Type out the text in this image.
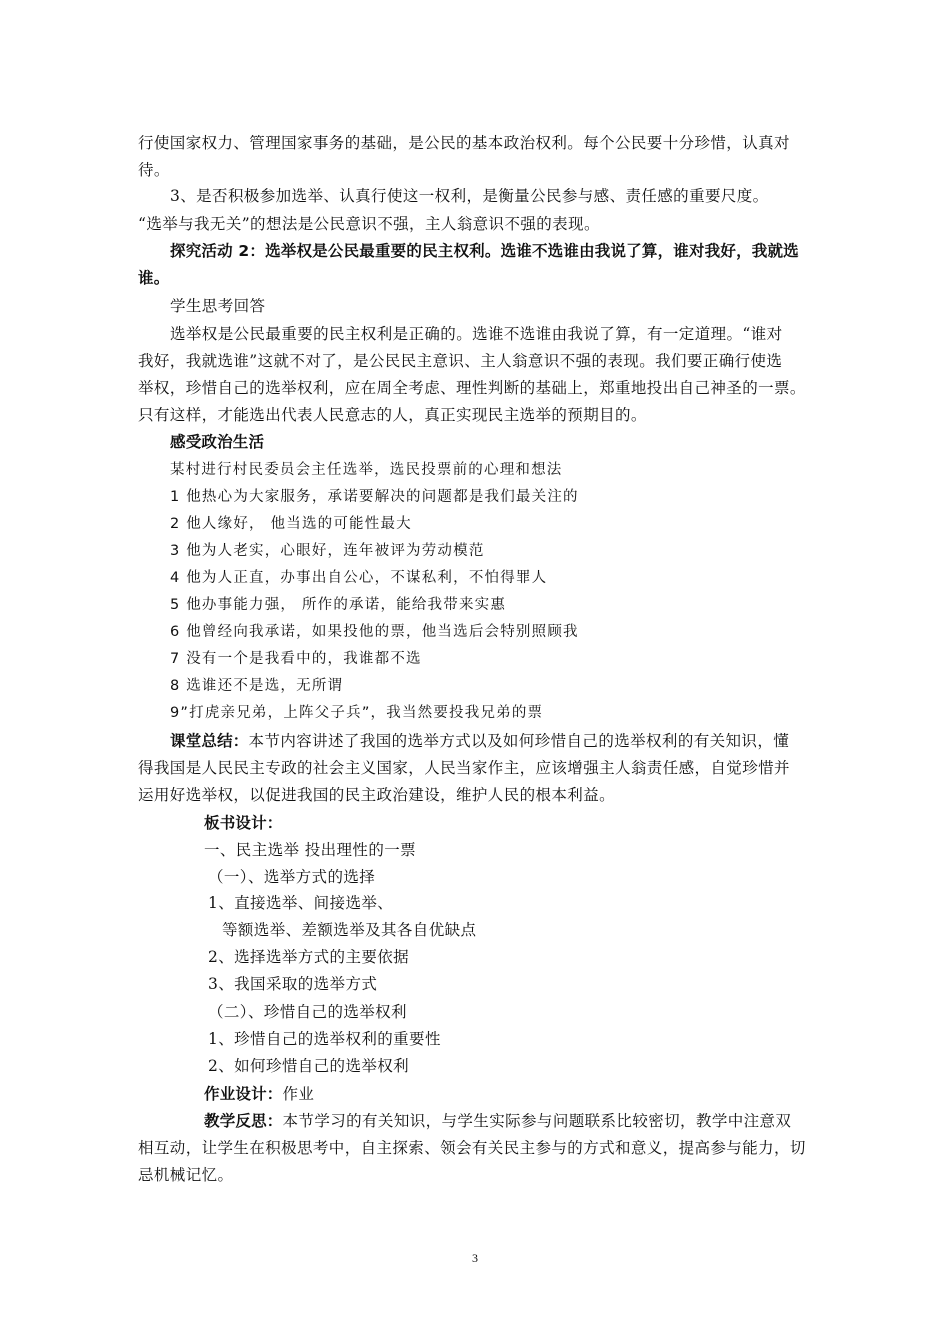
行使国家权力、管理国家事务的基础，是公民的基本政治权利。每个公民要十分珍惜，认真对
待。
3、是否积极参加选举、认真行使这一权利，是衡量公民参与感、责任感的重要尺度。
“选举与我无关”的想法是公民意识不强，主人翁意识不强的表现。
探究活动 2：选举权是公民最重要的民主权利。选谁不选谁由我说了算，谁对我好，我就选
谁。
学生思考回答
选举权是公民最重要的民主权利是正确的。选谁不选谁由我说了算，有一定道理。“谁对
我好，我就选谁”这就不对了，是公民民主意识、主人翁意识不强的表现。我们要正确行使选
举权，珍惜自己的选举权利，应在周全考虑、理性判断的基础上，郑重地投出自己神圣的一票。
只有这样，才能选出代表人民意志的人，真正实现民主选举的预期目的。
感受政治生活
某村进行村民委员会主任选举，选民投票前的心理和想法
1 他热心为大家服务，承诺要解决的问题都是我们最关注的
2 他人缘好， 他当选的可能性最大
3 他为人老实，心眼好，连年被评为劳动模范
4 他为人正直，办事出自公心，不谋私利，不怕得罪人
5 他办事能力强， 所作的承诺，能给我带来实惠
6 他曾经向我承诺，如果投他的票，他当选后会特别照顾我
7 没有一个是我看中的，我谁都不选
8 选谁还不是选，无所谓
9”打虎亲兄弟，上阵父子兵”，我当然要投我兄弟的票
课堂总结：本节内容讲述了我国的选举方式以及如何珍惜自己的选举权利的有关知识，懂
得我国是人民民主专政的社会主义国家，人民当家作主，应该增强主人翁责任感，自觉珍惜并
运用好选举权，以促进我国的民主政治建设，维护人民的根本利益。
板书设计：
一、民主选举 投出理性的一票
（一）、选举方式的选择
1、直接选举、间接选举、
等额选举、差额选举及其各自优缺点
2、选择选举方式的主要依据
3、我国采取的选举方式
（二）、珍惜自己的选举权利
1、珍惜自己的选举权利的重要性
2、如何珍惜自己的选举权利
作业设计：作业
教学反思：本节学习的有关知识，与学生实际参与问题联系比较密切，教学中注意双
相互动，让学生在积极思考中，自主探索、领会有关民主参与的方式和意义，提高参与能力，切
忌机械记忆。
3
